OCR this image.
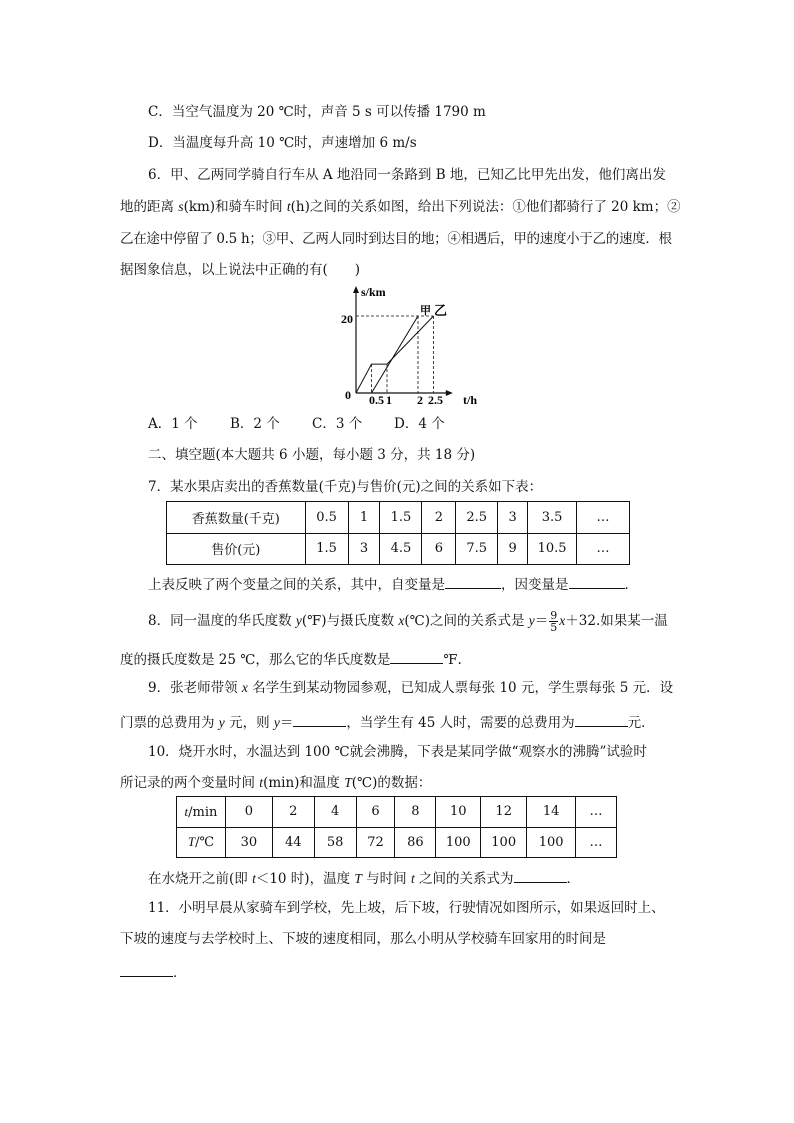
C．当空气温度为 20 ℃时，声音 5 s 可以传播 1790 m
D．当温度每升高 10 ℃时，声速增加 6 m/s
6．甲、乙两同学骑自行车从 A 地沿同一条路到 B 地，已知乙比甲先出发，他们离出发
地的距离 s(km)和骑车时间 t(h)之间的关系如图，给出下列说法：①他们都骑行了 20 km；②
乙在途中停留了 0.5 h；③甲、乙两人同时到达目的地；④相遇后，甲的速度小于乙的速度．根
据图象信息，以上说法中正确的有(　　)
s/km
t/h
0
20
0.5 1 2 2.5
甲 乙
A．1 个 B．2 个 C．3 个 D．4 个
二、填空题(本大题共 6 小题，每小题 3 分，共 18 分)
7．某水果店卖出的香蕉数量(千克)与售价(元)之间的关系如下表：
香蕉数量(千克)	0.5	1	1.5	2	2.5	3	3.5	…
售价(元)	1.5	3	4.5	6	7.5	9	10.5	…
上表反映了两个变量之间的关系，其中，自变量是	，因变量是	．
8．同一温度的华氏度数 y(℉)与摄氏度数 x(℃)之间的关系式是 $y= \frac{9}{5} x+32$.如果某一温
度的摄氏度数是 25 ℃，那么它的华氏度数是	℉.
9．张老师带领 x 名学生到某动物园参观，已知成人票每张 10 元，学生票每张 5 元．设
门票的总费用为 y 元，则 y＝	，当学生有 45 人时，需要的总费用为	元．
10．烧开水时，水温达到 100 ℃就会沸腾，下表是某同学做“观察水的沸腾”试验时
所记录的两个变量时间 t(min)和温度 T(℃)的数据：
t/min	0	2	4	6	8	10	12	14	…
T/℃	30	44	58	72	86	100	100	100	…
在水烧开之前(即 t＜10 时)，温度 T 与时间 t 之间的关系式为	．
11．小明早晨从家骑车到学校，先上坡，后下坡，行驶情况如图所示，如果返回时上、
下坡的速度与去学校时上、下坡的速度相同，那么小明从学校骑车回家用的时间是
．
